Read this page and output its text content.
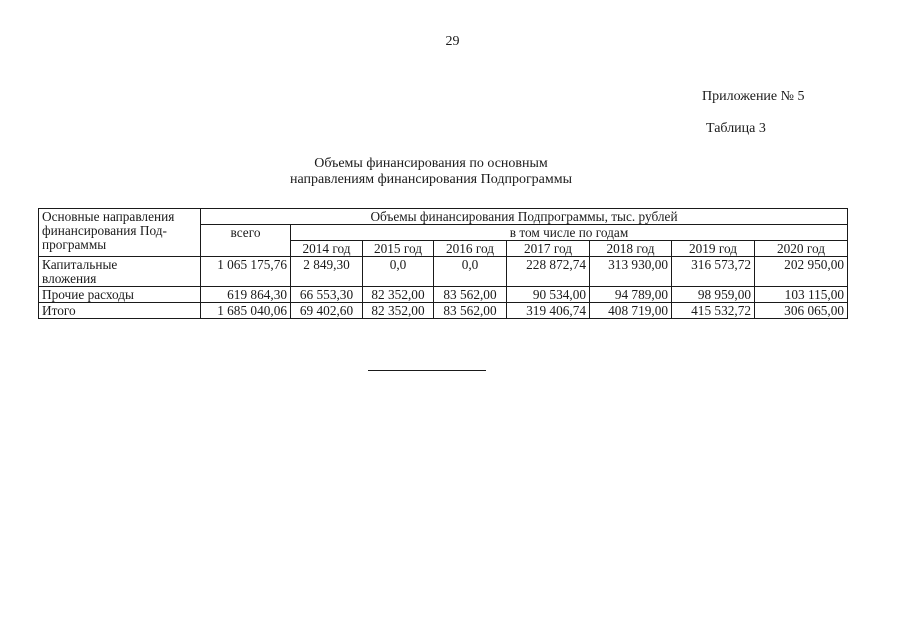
29
Приложение № 5
Таблица 3
Объемы финансирования по основным
направлениям финансирования Подпрограммы
Основные направления
финансирования Под-
программы	Объемы финансирования Подпрограммы, тыс. рублей							
	всего	в том числе по годам						
		2014 год	2015 год	2016 год	2017 год	2018 год	2019 год	2020 год

Капитальные
вложения	1 065 175,76	2 849,30	0,0	0,0	228 872,74	313 930,00	316 573,72	202 950,00
Прочие расходы	619 864,30	66 553,30	82 352,00	83 562,00	90 534,00	94 789,00	98 959,00	103 115,00
Итого	1 685 040,06	69 402,60	82 352,00	83 562,00	319 406,74	408 719,00	415 532,72	306 065,00
